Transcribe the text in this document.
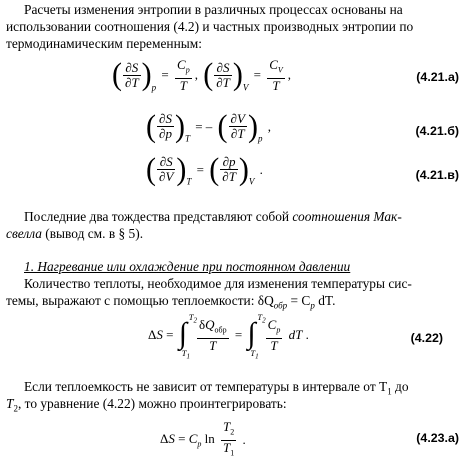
Расчеты изменения энтропии в различных процессах основаны на
использовании соотношения (4.2) и частных производных энтропии по
термодинамическим переменным:
( $\frac{\partial S}{\partial T} )_p = \frac{C_p}{T}$ , ( $\frac{\partial S}{\partial T} )_V = \frac{C_V}{T}$ ,	(4.21.а)
( $\frac{\partial S}{\partial p} )_T$ = – ( $\frac{\partial V}{\partial T} )_p$ ,	(4.21.б)
( $\frac{\partial S}{\partial V} )_T$ = ( $\frac{\partial p}{\partial T} )_V$ .	(4.21.в)
Последние два тождества представляют собой соотношения Мак-
свелла (вывод см. в § 5).
1. Нагревание или охлаждение при постоянном давлении
Количество теплоты, необходимое для изменения температуры сис-
темы, выражают с помощью теплоемкости: $\delta Q_{обр} = C_p$ dT.
ΔS = ∫ $T_2$
$T_1$

$\frac{\delta Q_{обр}}{T}$ = ∫ $T_2$
$T_1$

$\frac{C_p}{T}$ dT .	(4.22)
Если теплоемкость не зависит от температуры в интервале от $T_1$ до
$T_2$, то уравнение (4.22) можно проинтегрировать:
$\Delta S = C_p$ $\ln \frac{T_2}{T_1}$ .	(4.23.а)
